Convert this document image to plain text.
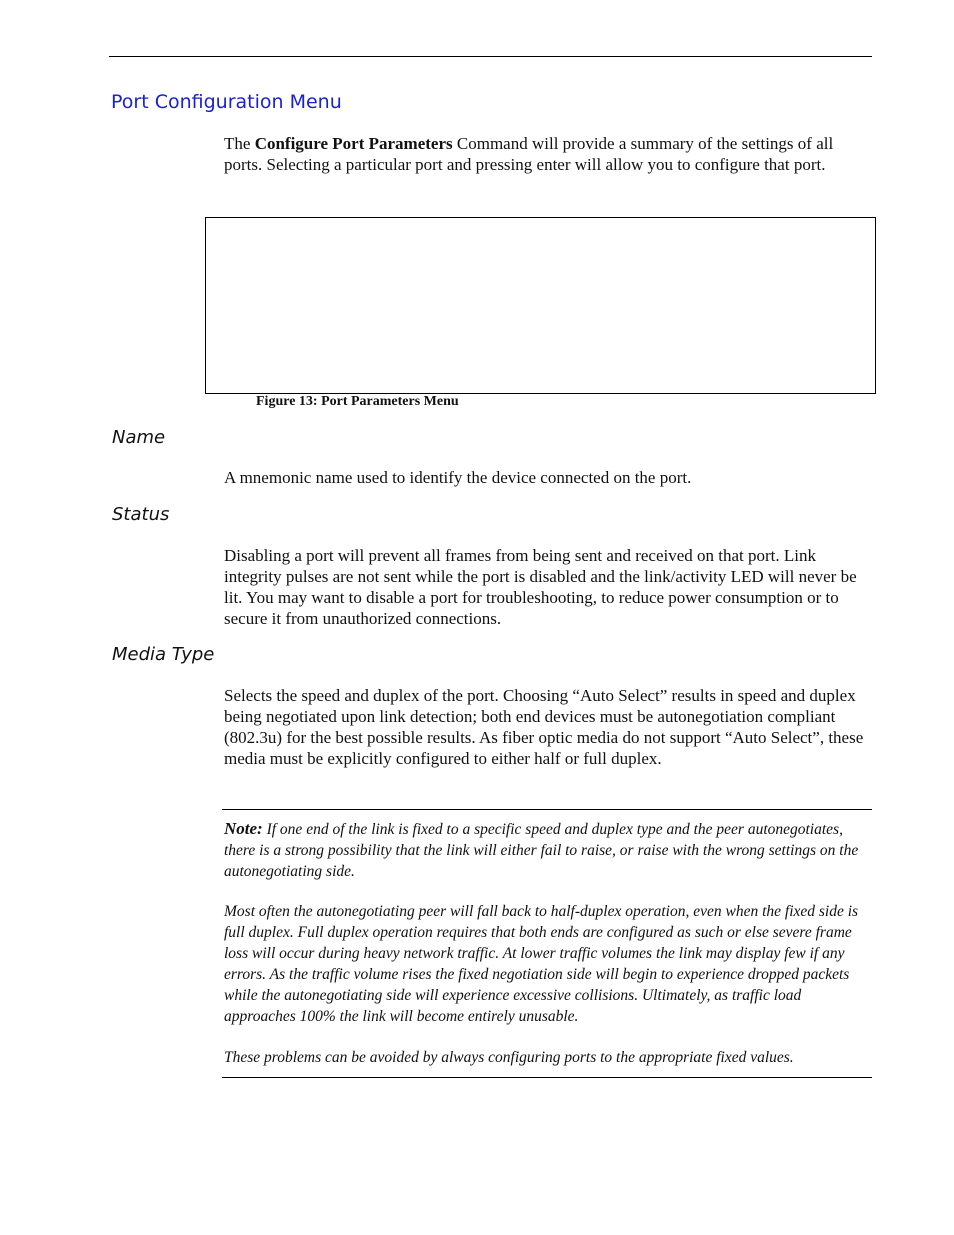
Port Configuration Menu

The Configure Port Parameters Command will provide a summary of the settings of all ports. Selecting a particular port and pressing enter will allow you to configure that port.

Figure 13: Port Parameters Menu

Name

A mnemonic name used to identify the device connected on the port.

Status

Disabling a port will prevent all frames from being sent and received on that port. Link integrity pulses are not sent while the port is disabled and the link/activity LED will never be lit. You may want to disable a port for troubleshooting, to reduce power consumption or to secure it from unauthorized connections.

Media Type

Selects the speed and duplex of the port. Choosing “Auto Select” results in speed and duplex being negotiated upon link detection; both end devices must be autonegotiation compliant (802.3u) for the best possible results. As fiber optic media do not support “Auto Select”, these media must be explicitly configured to either half or full duplex.

Note: If one end of the link is fixed to a specific speed and duplex type and the peer autonegotiates, there is a strong possibility that the link will either fail to raise, or raise with the wrong settings on the autonegotiating side.

Most often the autonegotiating peer will fall back to half-duplex operation, even when the fixed side is full duplex. Full duplex operation requires that both ends are configured as such or else severe frame loss will occur during heavy network traffic. At lower traffic volumes the link may display few if any errors. As the traffic volume rises the fixed negotiation side will begin to experience dropped packets while the autonegotiating side will experience excessive collisions. Ultimately, as traffic load approaches 100% the link will become entirely unusable.

These problems can be avoided by always configuring ports to the appropriate fixed values.
